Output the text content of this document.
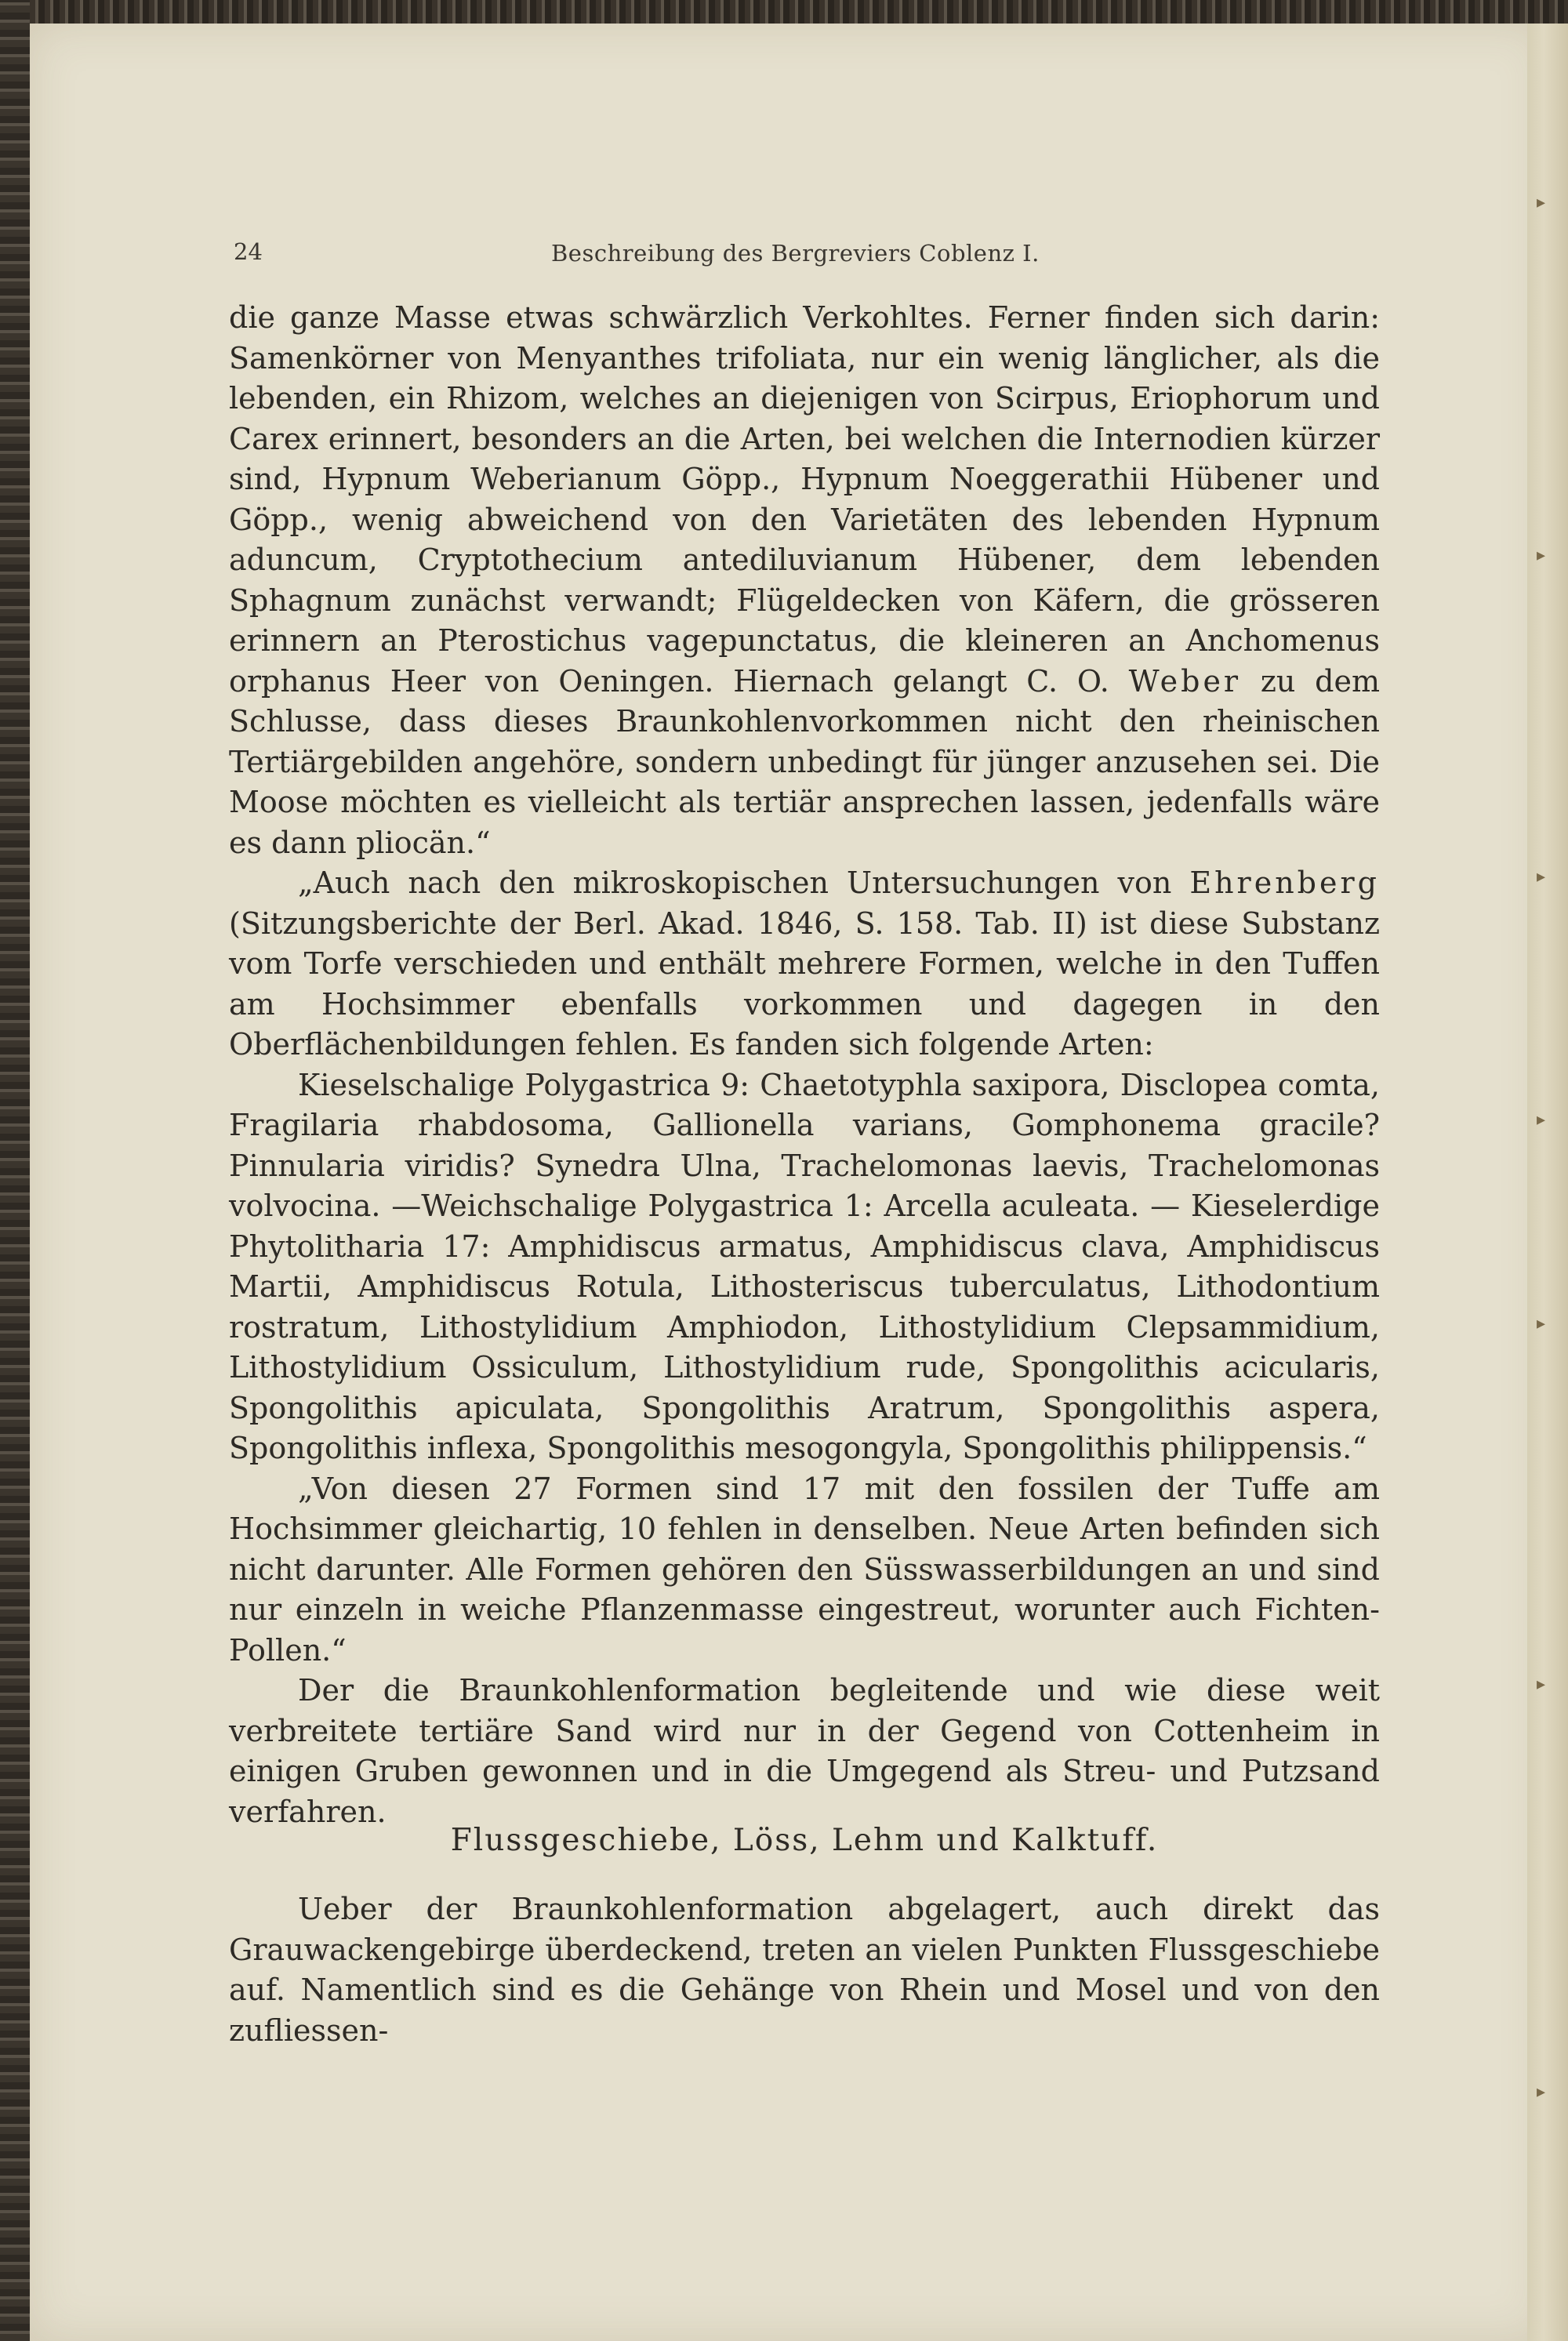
▸
▸
▸
▸
▸
▸
▸
24	Beschreibung des Bergreviers Coblenz I.

die ganze Masse etwas schwärzlich Verkohltes. Ferner finden sich darin: Samenkörner von Menyanthes trifoliata, nur ein wenig länglicher, als die lebenden, ein Rhizom, welches an diejenigen von Scirpus, Eriophorum und Carex erinnert, besonders an die Arten, bei welchen die Internodien kürzer sind, Hypnum Weberianum Göpp., Hypnum Noeggerathii Hübener und Göpp., wenig abweichend von den Varietäten des lebenden Hypnum aduncum, Cryptothecium antediluvianum Hübener, dem lebenden Sphagnum zunächst verwandt; Flügeldecken von Käfern, die grösseren erinnern an Pterostichus vagepunctatus, die kleineren an Anchomenus orphanus Heer von Oeningen. Hiernach gelangt C. O. Weber zu dem Schlusse, dass dieses Braunkohlenvorkommen nicht den rheinischen Tertiärgebilden angehöre, sondern unbedingt für jünger anzusehen sei. Die Moose möchten es vielleicht als tertiär ansprechen lassen, jedenfalls wäre es dann pliocän.“

„Auch nach den mikroskopischen Untersuchungen von Ehrenberg (Sitzungsberichte der Berl. Akad. 1846, S. 158. Tab. II) ist diese Substanz vom Torfe verschieden und enthält mehrere Formen, welche in den Tuffen am Hochsimmer ebenfalls vorkommen und dagegen in den Oberflächenbildungen fehlen. Es fanden sich folgende Arten:

Kieselschalige Polygastrica 9: Chaetotyphla saxipora, Disclopea comta, Fragilaria rhabdosoma, Gallionella varians, Gomphonema gracile? Pinnularia viridis? Synedra Ulna, Trachelomonas laevis, Trachelomonas volvocina. —Weichschalige Polygastrica 1: Arcella aculeata. — Kieselerdige Phytolitharia 17: Amphidiscus armatus, Amphidiscus clava, Amphidiscus Martii, Amphidiscus Rotula, Lithosteriscus tuberculatus, Lithodontium rostratum, Lithostylidium Amphiodon, Lithostylidium Clepsammidium, Lithostylidium Ossiculum, Lithostylidium rude, Spongolithis acicularis, Spongolithis apiculata, Spongolithis Aratrum, Spongolithis aspera, Spongolithis inflexa, Spongolithis mesogongyla, Spongolithis philippensis.“

„Von diesen 27 Formen sind 17 mit den fossilen der Tuffe am Hochsimmer gleichartig, 10 fehlen in denselben. Neue Arten befinden sich nicht darunter. Alle Formen gehören den Süsswasserbildungen an und sind nur einzeln in weiche Pflanzenmasse eingestreut, worunter auch Fichten-Pollen.“

Der die Braunkohlenformation begleitende und wie diese weit verbreitete tertiäre Sand wird nur in der Gegend von Cottenheim in einigen Gruben gewonnen und in die Umgegend als Streu- und Putzsand verfahren.

Flussgeschiebe, Löss, Lehm und Kalktuff.

Ueber der Braunkohlenformation abgelagert, auch direkt das Grauwackengebirge überdeckend, treten an vielen Punkten Flussgeschiebe auf. Namentlich sind es die Gehänge von Rhein und Mosel und von den zufliessen-
